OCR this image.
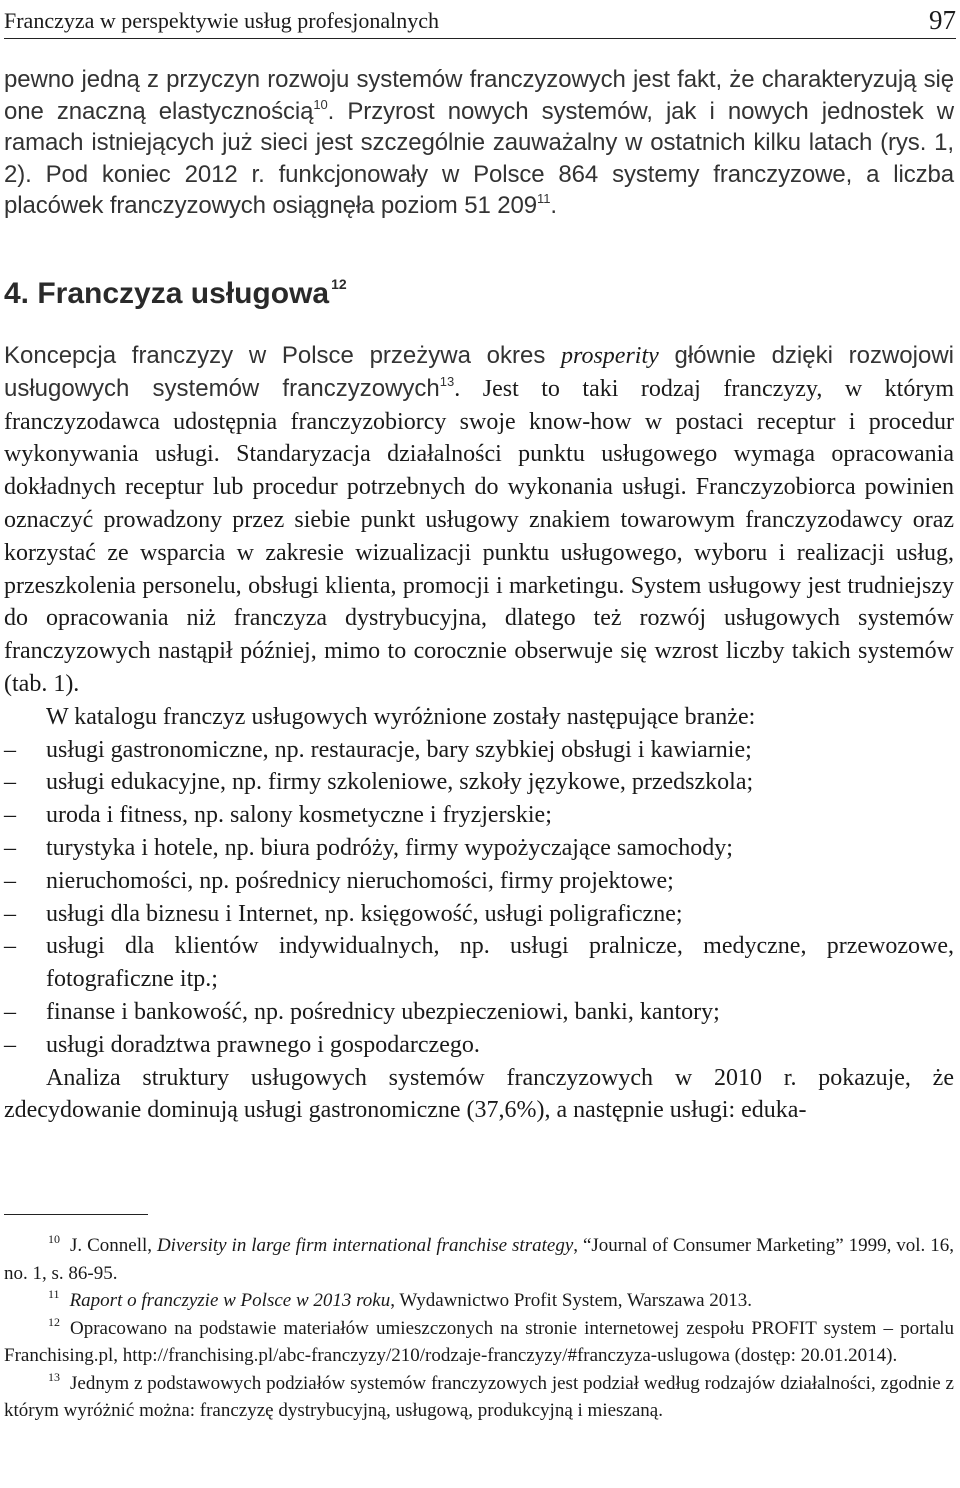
Franczyza w perspektywie usług profesjonalnych	97
pewno jedną z przyczyn rozwoju systemów franczyzowych jest fakt, że charakteryzują się one znaczną elastycznością$^{10}$. Przyrost nowych systemów, jak i nowych jednostek w ramach istniejących już sieci jest szczególnie zauważalny w ostatnich kilku latach (rys. 1, 2). Pod koniec 2012 r. funkcjonowały w Polsce 864 systemy franczyzowe, a liczba placówek franczyzowych osiągnęła poziom 51 209$^{11}$.
4. Franczyza usługowa $^{12}$

Koncepcja franczyzy w Polsce przeżywa okres prosperity głównie dzięki rozwojowi usługowych systemów franczyzowych$^{13}$. Jest to taki rodzaj franczyzy, w którym franczyzodawca udostępnia franczyzobiorcy swoje know-how w postaci receptur i procedur wykonywania usługi. Standaryzacja działalności punktu usługowego wymaga opracowania dokładnych receptur lub procedur potrzebnych do wykonania usługi. Franczyzobiorca powinien oznaczyć prowadzony przez siebie punkt usługowy znakiem towarowym franczyzodawcy oraz korzystać ze wsparcia w zakresie wizualizacji punktu usługowego, wyboru i realizacji usług, przeszkolenia personelu, obsługi klienta, promocji i marketingu. System usługowy jest trudniejszy do opracowania niż franczyza dystrybucyjna, dlatego też rozwój usługowych systemów franczyzowych nastąpił później, mimo to corocznie obserwuje się wzrost liczby takich systemów (tab. 1).

W katalogu franczyz usługowych wyróżnione zostały następujące branże:

– usługi gastronomiczne, np. restauracje, bary szybkiej obsługi i kawiarnie;
– usługi edukacyjne, np. firmy szkoleniowe, szkoły językowe, przedszkola;
– uroda i fitness, np. salony kosmetyczne i fryzjerskie;
– turystyka i hotele, np. biura podróży, firmy wypożyczające samochody;
– nieruchomości, np. pośrednicy nieruchomości, firmy projektowe;
– usługi dla biznesu i Internet, np. księgowość, usługi poligraficzne;
– usługi dla klientów indywidualnych, np. usługi pralnicze, medyczne, przewozowe, fotograficzne itp.;
– finanse i bankowość, np. pośrednicy ubezpieczeniowi, banki, kantory;
– usługi doradztwa prawnego i gospodarczego.

Analiza struktury usługowych systemów franczyzowych w 2010 r. pokazuje, że zdecydowanie dominują usługi gastronomiczne (37,6%), a następnie usługi: eduka-

$^{10}$ J. Connell, Diversity in large firm international franchise strategy, “Journal of Consumer Marketing” 1999, vol. 16, no. 1, s. 86-95.

$^{11}$ Raport o franczyzie w Polsce w 2013 roku, Wydawnictwo Profit System, Warszawa 2013.

$^{12}$ Opracowano na podstawie materiałów umieszczonych na stronie internetowej zespołu PROFIT system – portalu Franchising.pl, http://franchising.pl/abc-franczyzy/210/rodzaje-franczyzy/#franczyza-uslugowa (dostęp: 20.01.2014).

$^{13}$ Jednym z podstawowych podziałów systemów franczyzowych jest podział według rodzajów działalności, zgodnie z którym wyróżnić można: franczyzę dystrybucyjną, usługową, produkcyjną i mieszaną.
